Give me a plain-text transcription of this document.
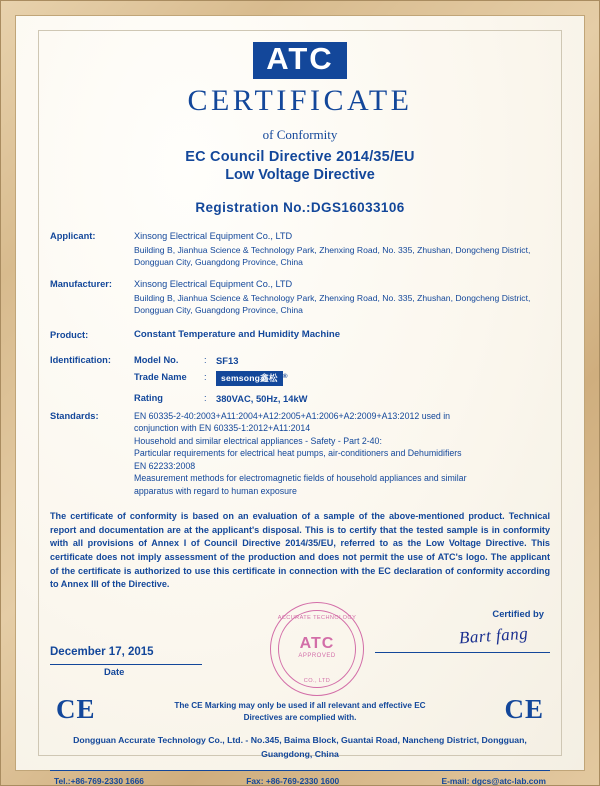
ATC
CERTIFICATE
of Conformity
EC Council Directive 2014/35/EU
Low Voltage Directive
Registration No.:DGS16033106
Applicant:	Xinsong Electrical Equipment Co., LTD
Building B, Jianhua Science & Technology Park, Zhenxing Road, No. 335, Zhushan, Dongcheng District, Dongguan City, Guangdong Province, China
Manufacturer:	Xinsong Electrical Equipment Co., LTD
Building B, Jianhua Science & Technology Park, Zhenxing Road, No. 335, Zhushan, Dongcheng District, Dongguan City, Guangdong Province, China
Product:	Constant Temperature and Humidity Machine
Identification:	Model No.	:	SF13
Trade Name	:	semsong鑫松 ®
Rating	:	380VAC, 50Hz, 14kW
Standards:	EN 60335-2-40:2003+A11:2004+A12:2005+A1:2006+A2:2009+A13:2012 used in
conjunction with EN 60335-1:2012+A11:2014
Household and similar electrical appliances - Safety - Part 2-40:
Particular requirements for electrical heat pumps, air-conditioners and Dehumidifiers
EN 62233:2008
Measurement methods for electromagnetic fields of household appliances and similar
apparatus with regard to human exposure
The certificate of conformity is based on an evaluation of a sample of the above-mentioned product. Technical report and documentation are at the applicant's disposal. This is to certify that the tested sample is in conformity with all provisions of Annex I of Council Directive 2014/35/EU, referred to as the Low Voltage Directive. This certificate does not imply assessment of the production and does not permit the use of ATC's logo. The applicant of the certificate is authorized to use this certificate in connection with the EC declaration of conformity according to Annex III of the Directive.
Certified by
Bart fang
December 17, 2015
Date
ACCURATE TECHNOLOGY
ATC
APPROVED
CO., LTD
CE	The CE Marking may only be used if all relevant and effective EC Directives are complied with.	CE
Dongguan Accurate Technology Co., Ltd. - No.345, Baima Block, Guantai Road, Nancheng District, Dongguan,
Guangdong, China
Tel.:+86-769-2330 1666	Fax: +86-769-2330 1600	E-mail: dgcs@atc-lab.com
